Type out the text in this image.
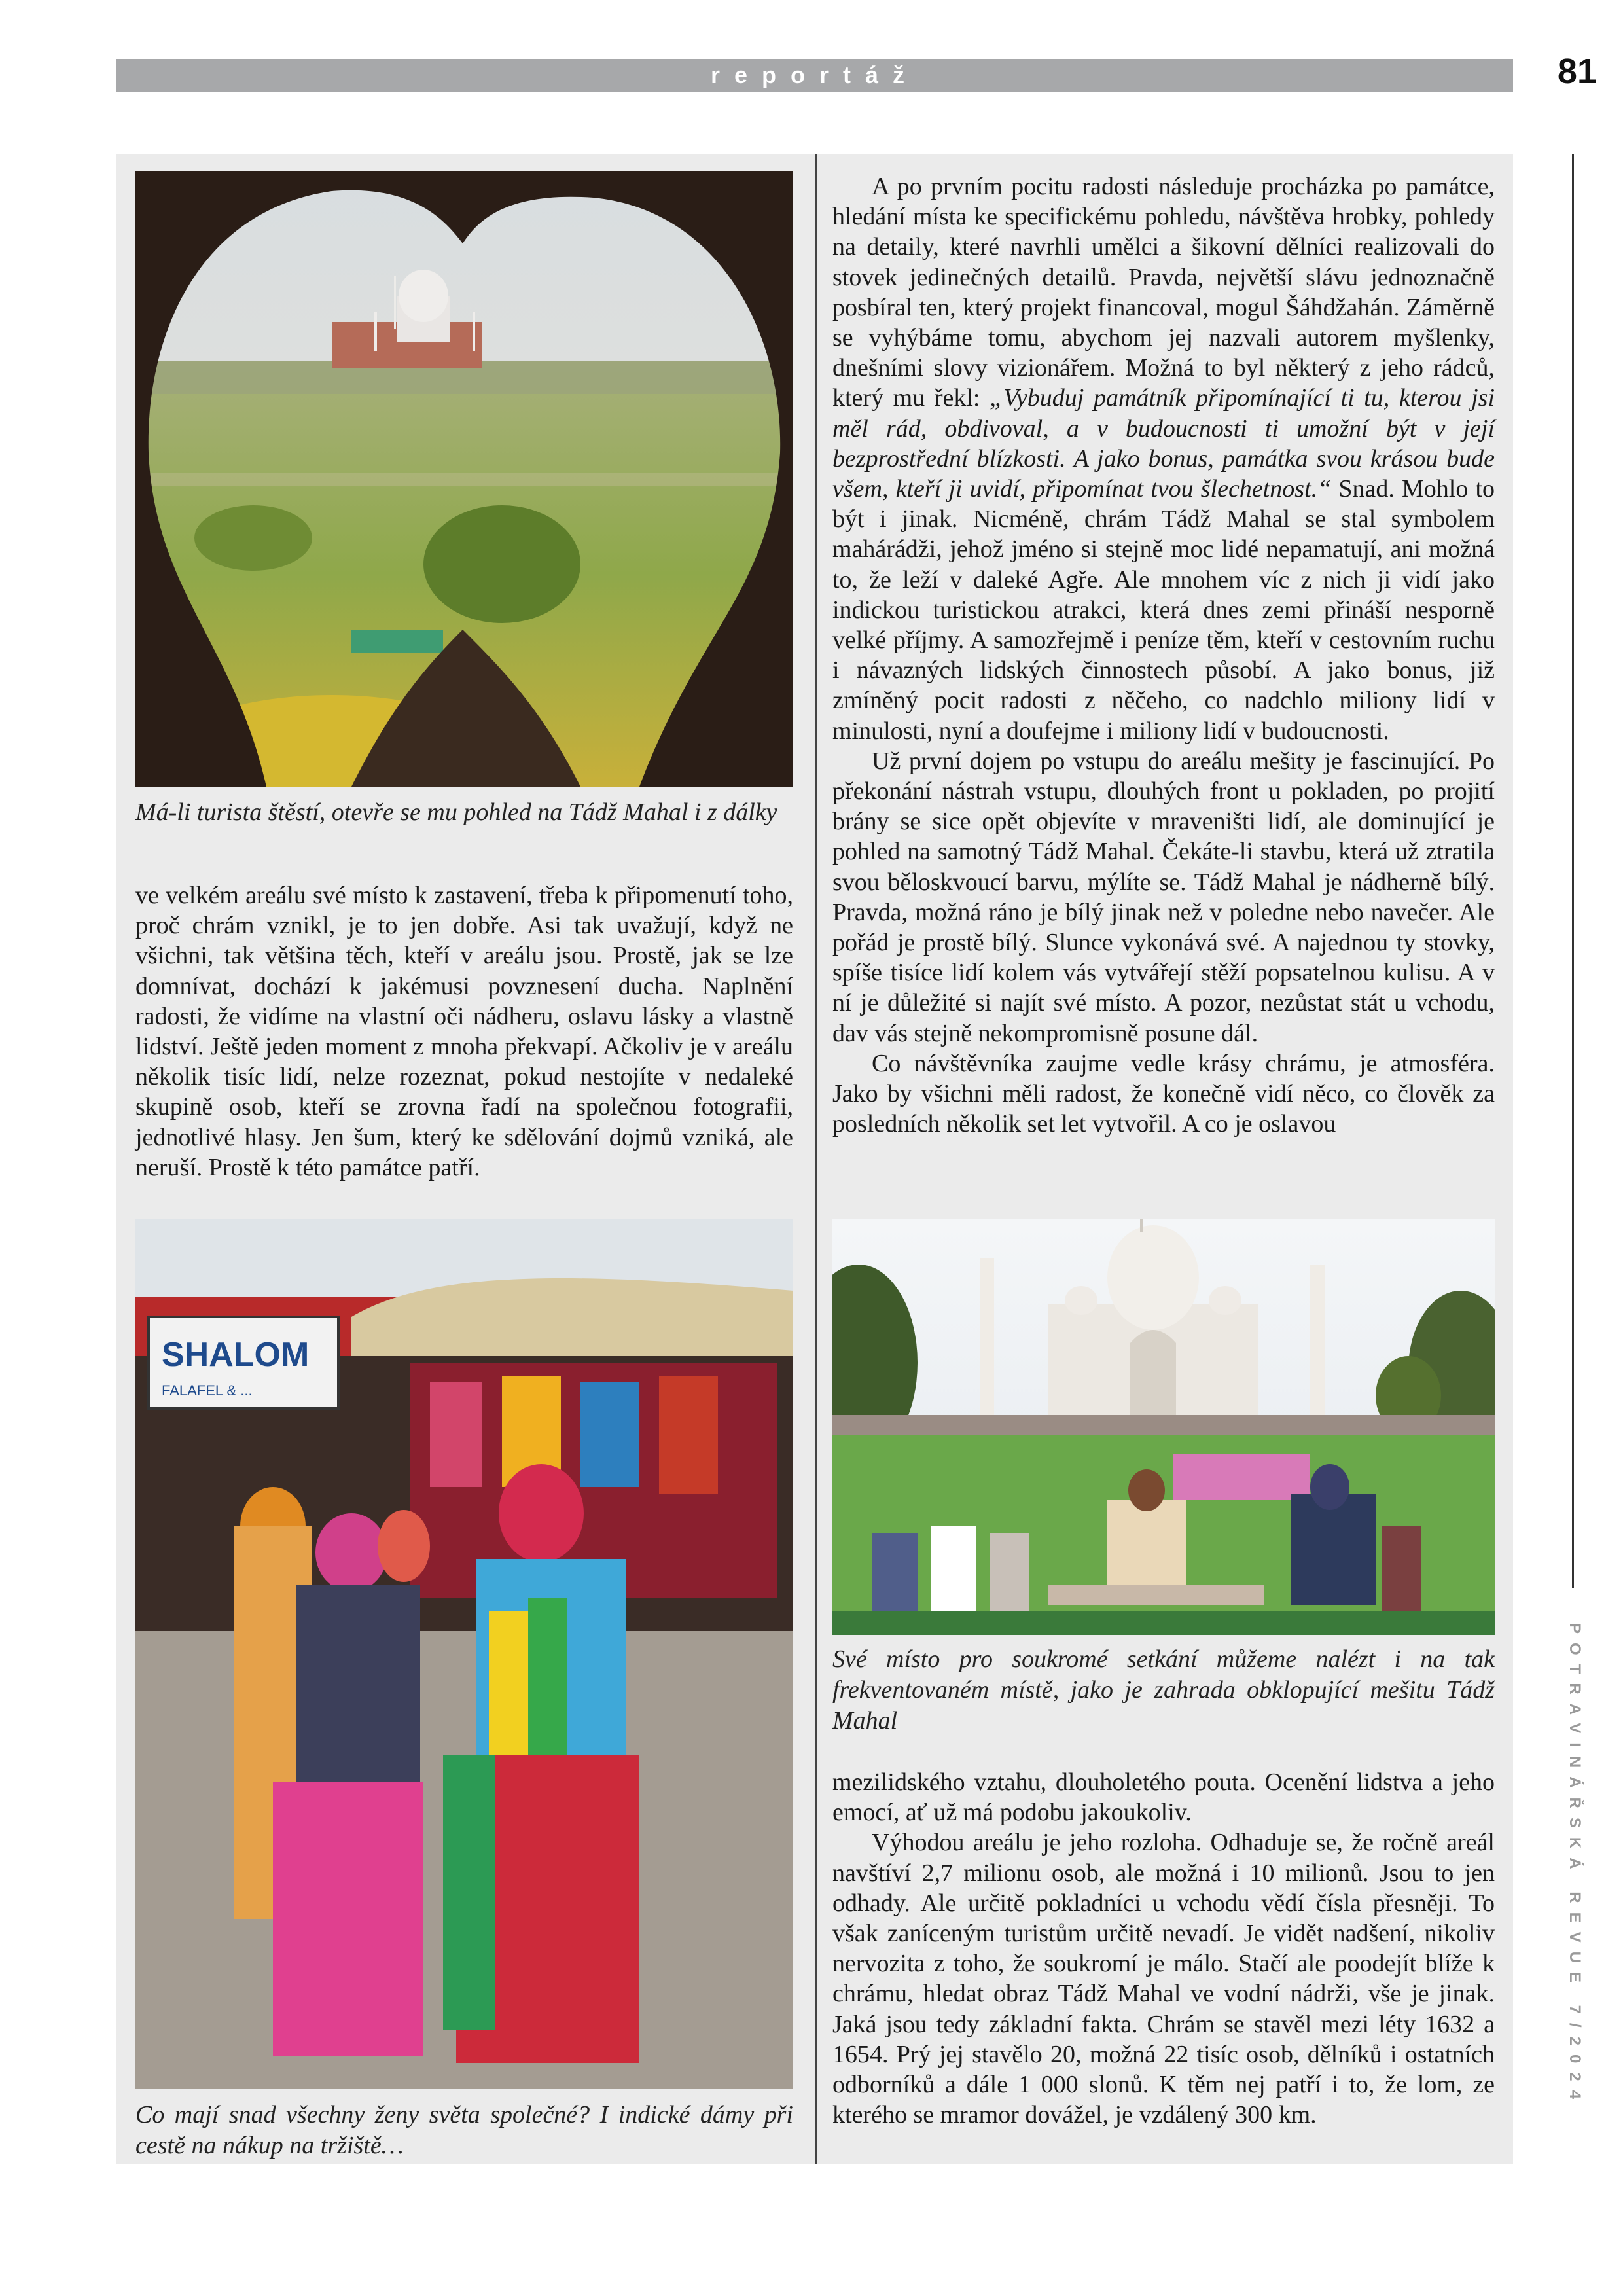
reportáž	81
POTRAVINÁŘSKÁ REVUE 7/2024
Má-li turista štěstí, otevře se mu pohled na Tádž Mahal i z dálky

ve velkém areálu své místo k zastavení, třeba k připomenutí toho, proč chrám vznikl, je to jen dobře. Asi tak uvažují, když ne všichni, tak většina těch, kteří v areálu jsou. Prostě, jak se lze domnívat, dochází k jakémusi povznesení ducha. Naplnění radosti, že vidíme na vlastní oči nádheru, oslavu lásky a vlastně lidství. Ještě jeden moment z mnoha překvapí. Ačkoliv je v areálu několik tisíc lidí, nelze rozeznat, pokud nestojíte v nedaleké skupině osob, kteří se zrovna řadí na společnou fotografii, jednotlivé hlasy. Jen šum, který ke sdělování dojmů vzniká, ale neruší. Prostě k této památce patří.

SHALOM
FALAFEL & ...
Co mají snad všechny ženy světa společné? I indické dámy při cestě na nákup na tržiště…

A po prvním pocitu radosti následuje procházka po památce, hledání místa ke specifickému pohledu, návštěva hrobky, pohledy na detaily, které navrhli umělci a šikovní dělníci realizovali do stovek jedinečných detailů. Pravda, největší slávu jednoznačně posbíral ten, který projekt financoval, mogul Šáhdžahán. Záměrně se vyhýbáme tomu, abychom jej nazvali autorem myšlenky, dnešními slovy vizionářem. Možná to byl některý z jeho rádců, který mu řekl: „Vybuduj památník připomínající ti tu, kterou jsi měl rád, obdivoval, a v budoucnosti ti umožní být v její bezprostřední blízkosti. A jako bonus, památka svou krásou bude všem, kteří ji uvidí, připomínat tvou šlechetnost.“ Snad. Mohlo to být i jinak. Nicméně, chrám Tádž Mahal se stal symbolem mahárádži, jehož jméno si stejně moc lidé nepamatují, ani možná to, že leží v daleké Agře. Ale mnohem víc z nich ji vidí jako indickou turistickou atrakci, která dnes zemi přináší nesporně velké příjmy. A samozřejmě i peníze těm, kteří v cestovním ruchu i návazných lidských činnostech působí. A jako bonus, již zmíněný pocit radosti z něčeho, co nadchlo miliony lidí v minulosti, nyní a doufejme i miliony lidí v budoucnosti.

Už první dojem po vstupu do areálu mešity je fascinující. Po překonání nástrah vstupu, dlouhých front u pokladen, po projití brány se sice opět objevíte v mraveništi lidí, ale dominující je pohled na samotný Tádž Mahal. Čekáte-li stavbu, která už ztratila svou běloskvoucí barvu, mýlíte se. Tádž Mahal je nádherně bílý. Pravda, možná ráno je bílý jinak než v poledne nebo navečer. Ale pořád je prostě bílý. Slunce vykonává své. A najednou ty stovky, spíše tisíce lidí kolem vás vytvářejí stěží popsatelnou kulisu. A v ní je důležité si najít své místo. A pozor, nezůstat stát u vchodu, dav vás stejně nekompromisně posune dál.

Co návštěvníka zaujme vedle krásy chrámu, je atmosféra. Jako by všichni měli radost, že konečně vidí něco, co člověk za posledních několik set let vytvořil. A co je oslavou

Své místo pro soukromé setkání můžeme nalézt i na tak frekventovaném místě, jako je zahrada obklopující mešitu Tádž Mahal

mezilidského vztahu, dlouholetého pouta. Ocenění lidstva a jeho emocí, ať už má podobu jakoukoliv.

Výhodou areálu je jeho rozloha. Odhaduje se, že ročně areál navštíví 2,7 milionu osob, ale možná i 10 milionů. Jsou to jen odhady. Ale určitě pokladníci u vchodu vědí čísla přesněji. To však zaníceným turistům určitě nevadí. Je vidět nadšení, nikoliv nervozita z toho, že soukromí je málo. Stačí ale poodejít blíže k chrámu, hledat obraz Tádž Mahal ve vodní nádrži, vše je jinak. Jaká jsou tedy základní fakta. Chrám se stavěl mezi léty 1632 a 1654. Prý jej stavělo 20, možná 22 tisíc osob, dělníků i ostatních odborníků a dále 1 000 slonů. K těm nej patří i to, že lom, ze kterého se mramor dovážel, je vzdálený 300 km.
